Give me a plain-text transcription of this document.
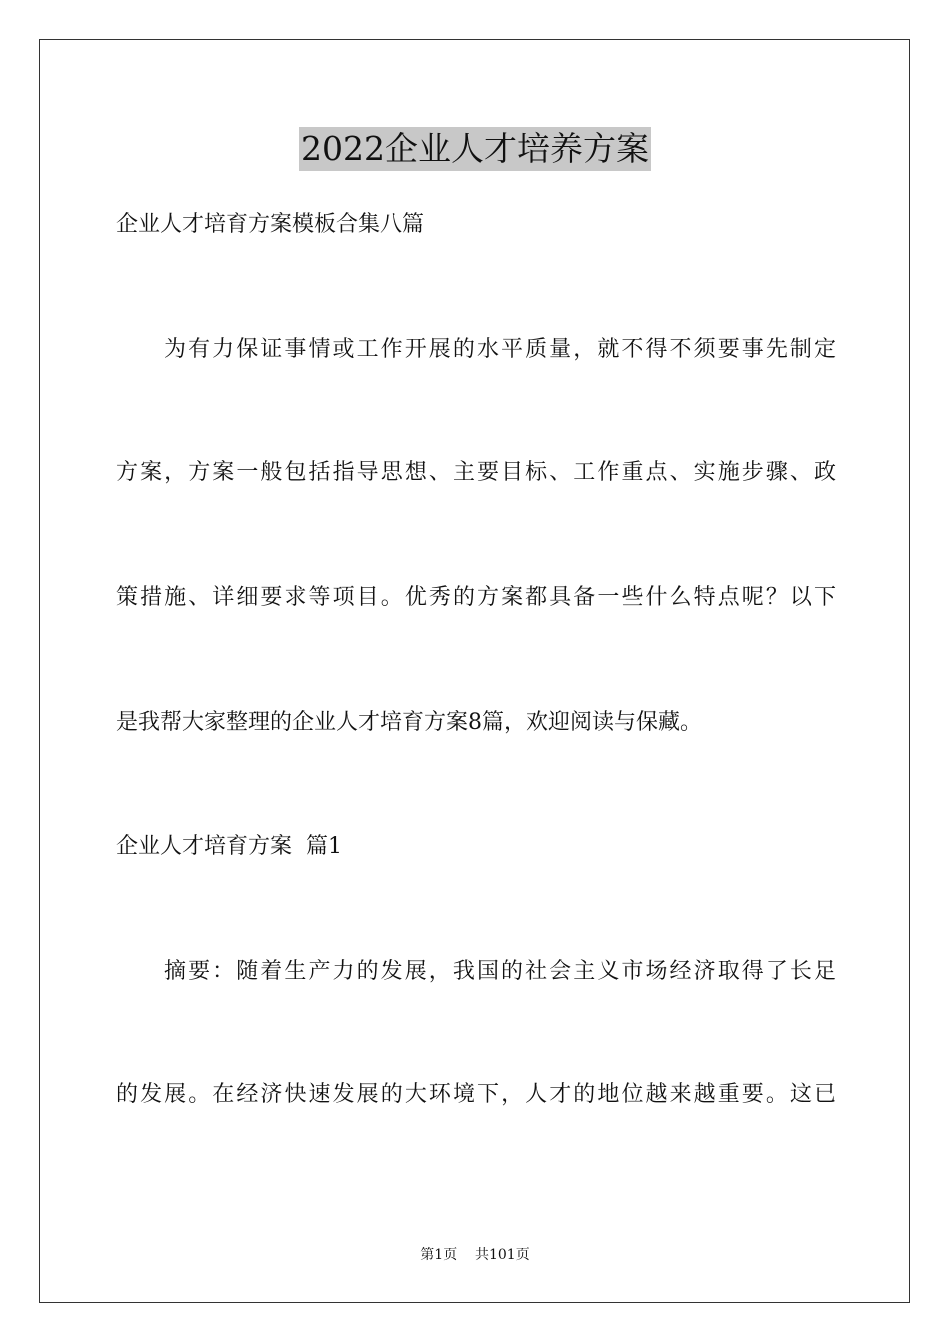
2022企业人才培养方案
企业人才培育方案模板合集八篇
为有力保证事情或工作开展的水平质量，就不得不须要事先制定
方案，方案一般包括指导思想、主要目标、工作重点、实施步骤、政
策措施、详细要求等项目。优秀的方案都具备一些什么特点呢？以下
是我帮大家整理的企业人才培育方案8篇，欢迎阅读与保藏。
企业人才培育方案  篇1
摘要：随着生产力的发展，我国的社会主义市场经济取得了长足
的发展。在经济快速发展的大环境下，人才的地位越来越重要。这已
第1页    共101页
